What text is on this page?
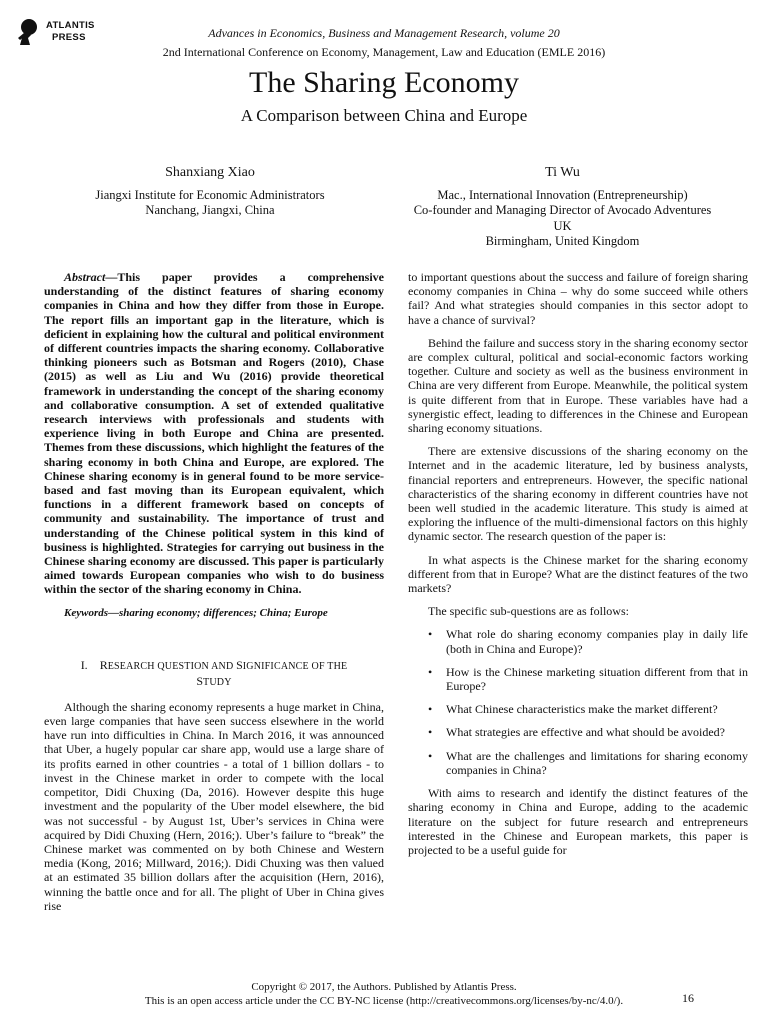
ATLANTIS
PRESS	Advances in Economics, Business and Management Research, volume 20
2nd International Conference on Economy, Management, Law and Education (EMLE 2016)
The Sharing Economy
A Comparison between China and Europe
Shanxiang Xiao
Jiangxi Institute for Economic Administrators
Nanchang, Jiangxi, China
Ti Wu
Mac., International Innovation (Entrepreneurship)
Co-founder and Managing Director of Avocado Adventures
UK
Birmingham, United Kingdom

Abstract—This paper provides a comprehensive understanding of the distinct features of sharing economy companies in China and how they differ from those in Europe. The report fills an important gap in the literature, which is deficient in explaining how the cultural and political environment of different countries impacts the sharing economy. Collaborative thinking pioneers such as Botsman and Rogers (2010), Chase (2015) as well as Liu and Wu (2016) provide theoretical framework in understanding the concept of the sharing economy and collaborative consumption. A set of extended qualitative research interviews with professionals and students with experience living in both Europe and China are presented. Themes from these discussions, which highlight the features of the sharing economy in both China and Europe, are explored. The Chinese sharing economy is in general found to be more service-based and fast moving than its European equivalent, which functions in a different framework based on concepts of community and sustainability. The importance of trust and understanding of the Chinese political system in this kind of business is highlighted. Strategies for carrying out business in the Chinese sharing economy are discussed. This paper is particularly aimed towards European companies who wish to do business within the sector of the sharing economy in China.

Keywords—sharing economy; differences; China; Europe

I. RESEARCH QUESTION AND SIGNIFICANCE OF THE
STUDY

Although the sharing economy represents a huge market in China, even large companies that have seen success elsewhere in the world have run into difficulties in China. In March 2016, it was announced that Uber, a hugely popular car share app, would use a large share of its profits earned in other countries - a total of 1 billion dollars - to invest in the Chinese market in order to compete with the local competitor, Didi Chuxing (Da, 2016). However despite this huge investment and the popularity of the Uber model elsewhere, the bid was not successful - by August 1st, Uber’s services in China were acquired by Didi Chuxing (Hern, 2016;). Uber’s failure to “break” the Chinese market was commented on by both Chinese and Western media (Kong, 2016; Millward, 2016;). Didi Chuxing was then valued at an estimated 35 billion dollars after the acquisition (Hern, 2016), winning the battle once and for all. The plight of Uber in China gives rise

to important questions about the success and failure of foreign sharing economy companies in China – why do some succeed while others fail? And what strategies should companies in this sector adopt to have a chance of survival?

Behind the failure and success story in the sharing economy sector are complex cultural, political and social-economic factors working together. Culture and society as well as the business environment in China are very different from Europe. Meanwhile, the political system is quite different from that in Europe. These variables have had a synergistic effect, leading to differences in the Chinese and European sharing economy situations.

There are extensive discussions of the sharing economy on the Internet and in the academic literature, led by business analysts, financial reporters and entrepreneurs. However, the specific national characteristics of the sharing economy in different countries have not been well studied in the academic literature. This study is aimed at exploring the influence of the multi-dimensional factors on this highly dynamic sector. The research question of the paper is:

In what aspects is the Chinese market for the sharing economy different from that in Europe? What are the distinct features of the two markets?

The specific sub-questions are as follows:

• What role do sharing economy companies play in daily life (both in China and Europe)?
• How is the Chinese marketing situation different from that in Europe?
• What Chinese characteristics make the market different?
• What strategies are effective and what should be avoided?
• What are the challenges and limitations for sharing economy companies in China?

With aims to research and identify the distinct features of the sharing economy in China and Europe, adding to the academic literature on the subject for future research and entrepreneurs interested in the Chinese and European markets, this paper is projected to be a useful guide for

Copyright © 2017, the Authors. Published by Atlantis Press.
This is an open access article under the CC BY-NC license (http://creativecommons.org/licenses/by-nc/4.0/).	16
